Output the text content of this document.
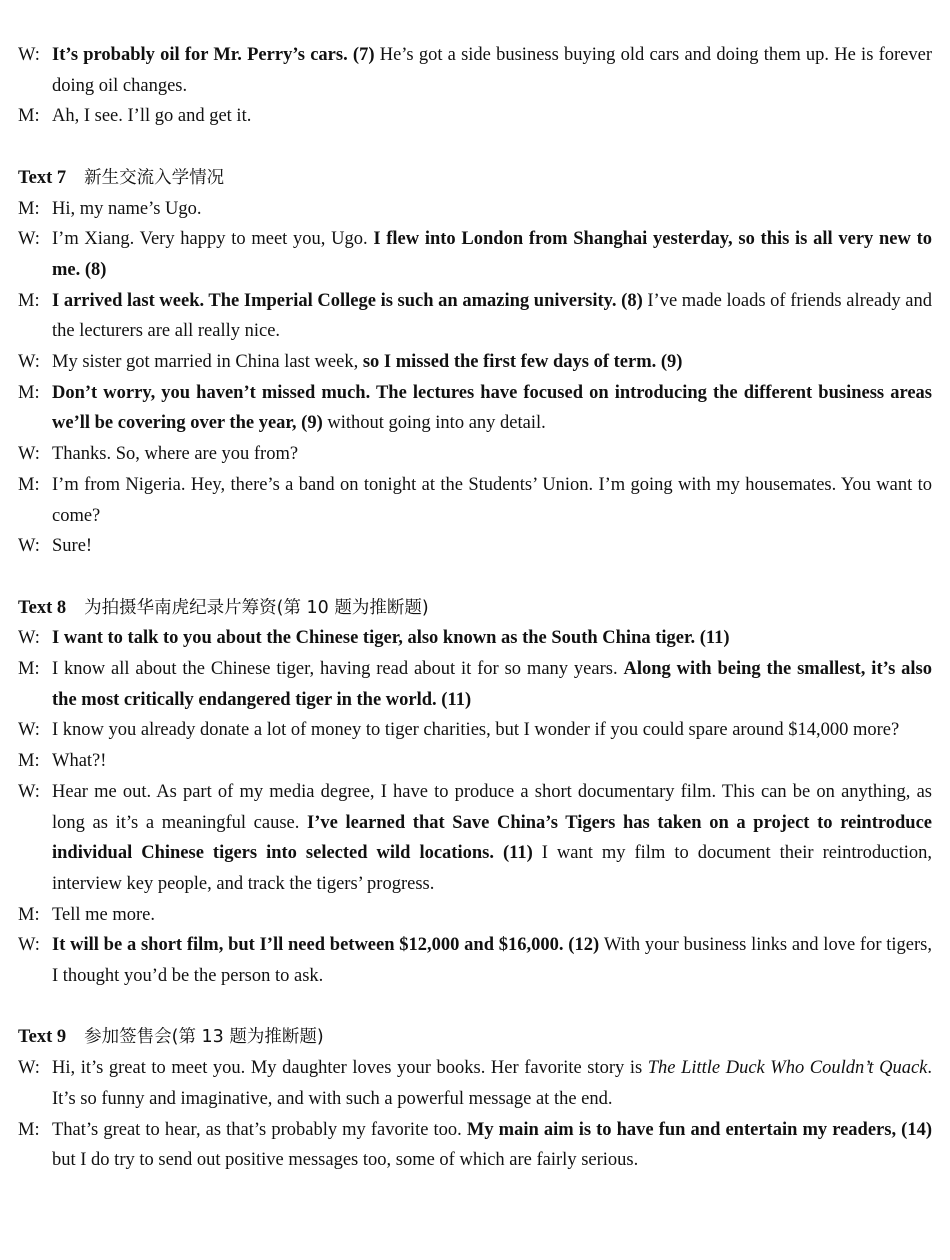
W: It’s probably oil for Mr. Perry’s cars. (7) He’s got a side business buying old cars and doing them up. He is forever doing oil changes.
M: Ah, I see. I’ll go and get it.
Text 7 新生交流入学情况
M: Hi, my name’s Ugo.
W: I’m Xiang. Very happy to meet you, Ugo. I flew into London from Shanghai yesterday, so this is all very new to me. (8)
M: I arrived last week. The Imperial College is such an amazing university. (8) I’ve made loads of friends already and the lecturers are all really nice.
W: My sister got married in China last week, so I missed the first few days of term. (9)
M: Don’t worry, you haven’t missed much. The lectures have focused on introducing the different business areas we’ll be covering over the year, (9) without going into any detail.
W: Thanks. So, where are you from?
M: I’m from Nigeria. Hey, there’s a band on tonight at the Students’ Union. I’m going with my housemates. You want to come?
W: Sure!
Text 8 为拍摄华南虎纪录片筹资(第 10 题为推断题)
W: I want to talk to you about the Chinese tiger, also known as the South China tiger. (11)
M: I know all about the Chinese tiger, having read about it for so many years. Along with being the smallest, it’s also the most critically endangered tiger in the world. (11)
W: I know you already donate a lot of money to tiger charities, but I wonder if you could spare around $14,000 more?
M: What?!
W: Hear me out. As part of my media degree, I have to produce a short documentary film. This can be on anything, as long as it’s a meaningful cause. I’ve learned that Save China’s Tigers has taken on a project to reintroduce individual Chinese tigers into selected wild locations. (11) I want my film to document their reintroduction, interview key people, and track the tigers’ progress.
M: Tell me more.
W: It will be a short film, but I’ll need between $12,000 and $16,000. (12) With your business links and love for tigers, I thought you’d be the person to ask.
Text 9 参加签售会(第 13 题为推断题)
W: Hi, it’s great to meet you. My daughter loves your books. Her favorite story is The Little Duck Who Couldn’t Quack. It’s so funny and imaginative, and with such a powerful message at the end.
M: That’s great to hear, as that’s probably my favorite too. My main aim is to have fun and entertain my readers, (14) but I do try to send out positive messages too, some of which are fairly serious.
